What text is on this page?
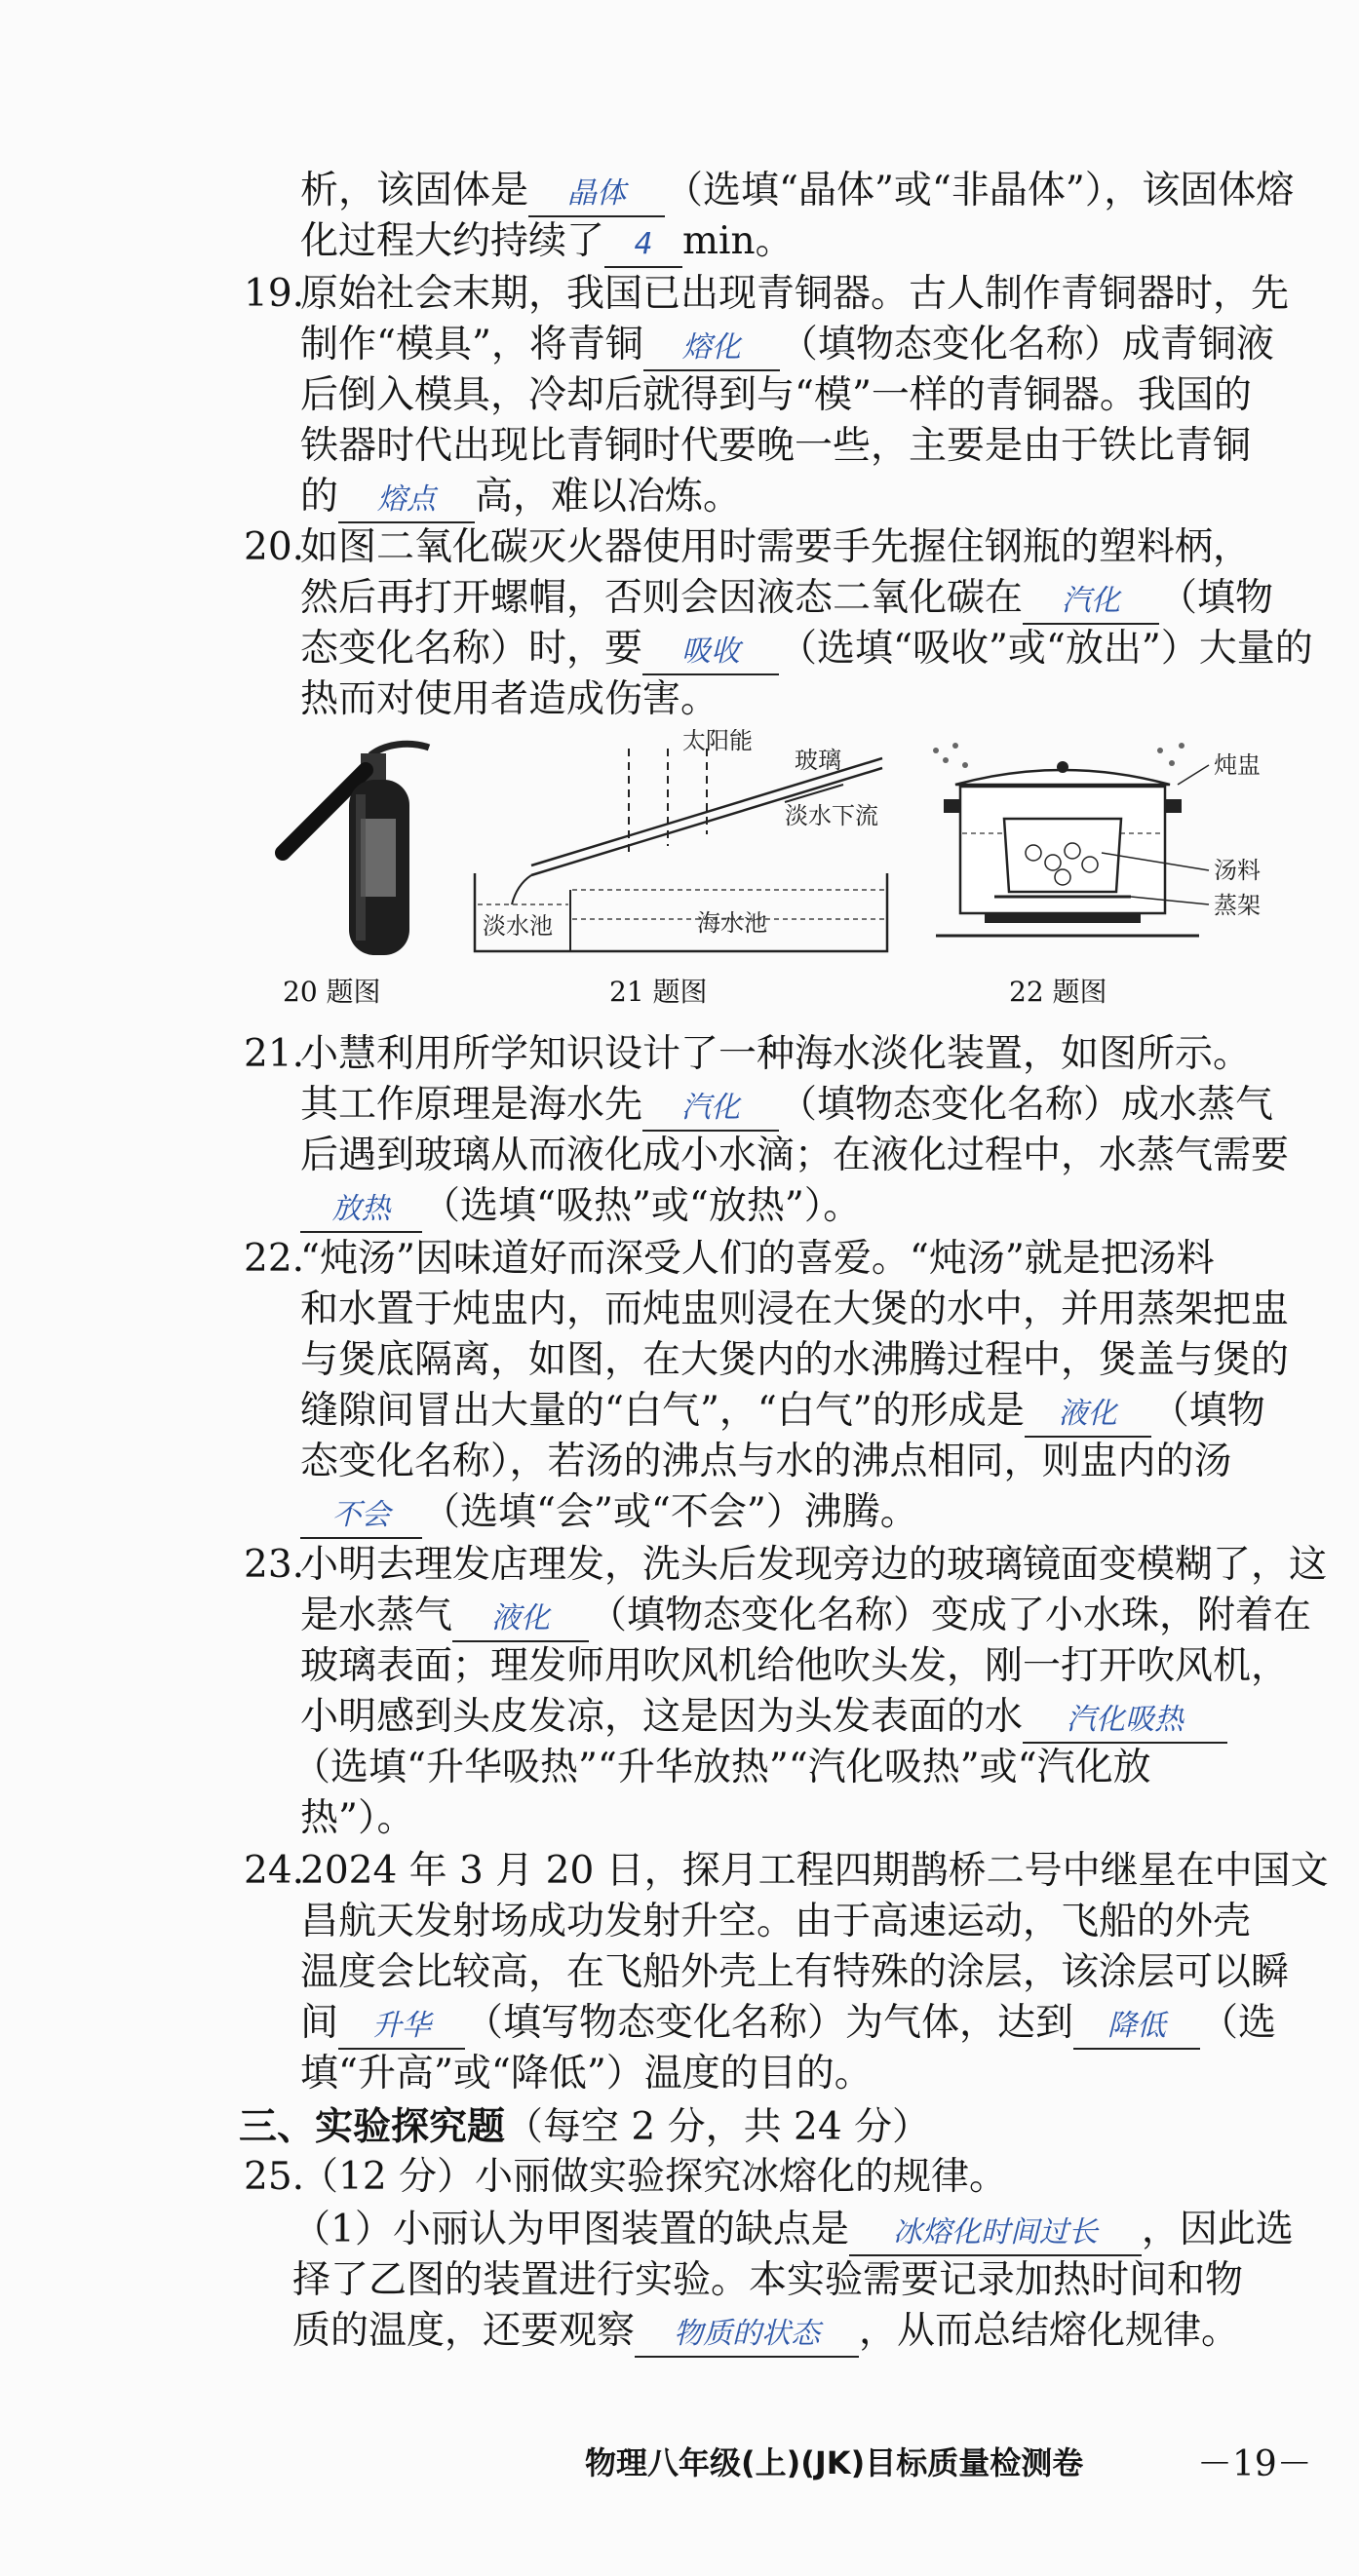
析，该固体是 晶体 （选填“晶体”或“非晶体”），该固体熔
化过程大约持续了 4 min。
19.原始社会末期，我国已出现青铜器。古人制作青铜器时，先
制作“模具”，将青铜 熔化 （填物态变化名称）成青铜液
后倒入模具，冷却后就得到与“模”一样的青铜器。我国的
铁器时代出现比青铜时代要晚一些，主要是由于铁比青铜
的 熔点 高，难以冶炼。
20.如图二氧化碳灭火器使用时需要手先握住钢瓶的塑料柄，
然后再打开螺帽，否则会因液态二氧化碳在 汽化 （填物
态变化名称）时，要 吸收 （选填“吸收”或“放出”）大量的
热而对使用者造成伤害。
太阳能
玻璃
淡水下流
淡水池	海水池
炖盅
汤料
蒸架
20 题图	21 题图	22 题图
21.小慧利用所学知识设计了一种海水淡化装置，如图所示。
其工作原理是海水先 汽化 （填物态变化名称）成水蒸气
后遇到玻璃从而液化成小水滴；在液化过程中，水蒸气需要
放热 （选填“吸热”或“放热”）。
22.“炖汤”因味道好而深受人们的喜爱。“炖汤”就是把汤料
和水置于炖盅内，而炖盅则浸在大煲的水中，并用蒸架把盅
与煲底隔离，如图，在大煲内的水沸腾过程中，煲盖与煲的
缝隙间冒出大量的“白气”，“白气”的形成是 液化 （填物
态变化名称），若汤的沸点与水的沸点相同，则盅内的汤
不会 （选填“会”或“不会”）沸腾。
23.小明去理发店理发，洗头后发现旁边的玻璃镜面变模糊了，这
是水蒸气 液化 （填物态变化名称）变成了小水珠，附着在
玻璃表面；理发师用吹风机给他吹头发，刚一打开吹风机，
小明感到头皮发凉，这是因为头发表面的水 汽化吸热
（选填“升华吸热”“升华放热”“汽化吸热”或“汽化放
热”）。
24.2024 年 3 月 20 日，探月工程四期鹊桥二号中继星在中国文
昌航天发射场成功发射升空。由于高速运动，飞船的外壳
温度会比较高，在飞船外壳上有特殊的涂层，该涂层可以瞬
间 升华 （填写物态变化名称）为气体，达到 降低 （选
填“升高”或“降低”）温度的目的。
三、实验探究题（每空 2 分，共 24 分）
25.（12 分）小丽做实验探究冰熔化的规律。
（1）小丽认为甲图装置的缺点是 冰熔化时间过长 ，因此选
择了乙图的装置进行实验。本实验需要记录加热时间和物
质的温度，还要观察 物质的状态 ，从而总结熔化规律。
物理八年级(上)(JK)目标质量检测卷	－19－
